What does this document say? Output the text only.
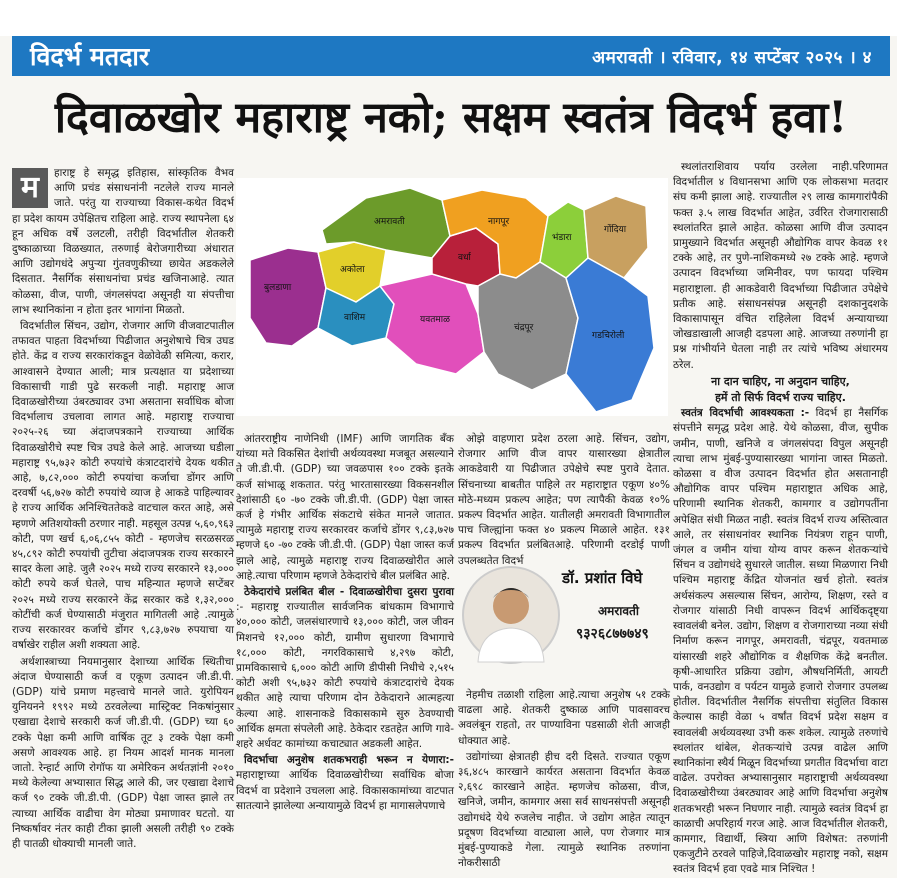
विदर्भ मतदार	अमरावती । रविवार, १४ सप्टेंबर २०२५ । ४
दिवाळखोर महाराष्ट्र नको; सक्षम स्वतंत्र विदर्भ हवा!
म	हाराष्ट्र हे समृद्ध इतिहास, सांस्कृतिक वैभव आणि प्रचंड संसाधनांनी नटलेले राज्य मानले जाते. परंतु या राज्याच्या विकास-कथेत विदर्भ हा प्रदेश कायम उपेक्षितच राहिला आहे. राज्य स्थापनेला ६४ हून अधिक वर्षे उलटली, तरीही विदर्भातील शेतकरी दुष्काळाच्या विळख्यात, तरुणाई बेरोजगारीच्या अंधारात आणि उद्योगधंदे अपुऱ्या गुंतवणुकीच्या छायेत अडकलेले दिसतात. नैसर्गिक संसाधनांचा प्रचंड खजिनाआहे. त्यात कोळसा, वीज, पाणी, जंगलसंपदा असूनही या संपत्तीचा लाभ स्थानिकांना न होता इतर भागांना मिळतो.

विदर्भातील सिंचन, उद्योग, रोजगार आणि वीजवाटपातील तफावत पाहता विदर्भाच्या पिढीजात अनुशेषाचे चित्र उघड होते. केंद्र व राज्य सरकारांकडून वेळोवेळी समित्या, करार, आश्वासने देण्यात आली; मात्र प्रत्यक्षात या प्रदेशाच्या विकासाची गाडी पुढे सरकली नाही. महाराष्ट्र आज दिवाळखोरीच्या उंबरठ्यावर उभा असताना सर्वाधिक बोजा विदर्भालाच उचलावा लागत आहे. महाराष्ट्र राज्याचा २०२५-२६ च्या अंदाजपत्रकाने राज्याच्या आर्थिक दिवाळखोरीचे स्पष्ट चित्र उघडे केले आहे. आजच्या घडीला महाराष्ट्र ९५,७३२ कोटी रुपयांचे कंत्राटदारांचे देयक थकीत आहे, ७,८२,००० कोटी रुपयांचा कर्जाचा डोंगर आणि दरवर्षी ५६,७२७ कोटी रुपयांचे व्याज हे आकडे पाहिल्यावर हे राज्य आर्थिक अनिश्चिततेकडे वाटचाल करत आहे, असे म्हणणे अतिशयोक्ती ठरणार नाही. महसूल उत्पन्न ५,६०,९६३ कोटी, पण खर्च ६,०६,८५५ कोटी - म्हणजेच सरळसरळ ४५,८९२ कोटी रुपयांची तुटीचा अंदाजपत्रक राज्य सरकारने सादर केला आहे. जुलै २०२५ मध्ये राज्य सरकारने १३,००० कोटी रुपये कर्ज घेतले, पाच महिन्यात म्हणजे सप्टेंबर २०२५ मध्ये राज्य सरकारने केंद्र सरकार कडे १,३२,००० कोटींची कर्ज घेण्यासाठी मंजुरात मागितली आहे .त्यामुळे राज्य सरकारवर कर्जाचे डोंगर ९,८३,७२७ रुपयाचा या वर्षाखेर राहील अशी शक्यता आहे.

अर्थशास्त्राच्या नियमानुसार देशाच्या आर्थिक स्थितीचा अंदाज घेण्यासाठी कर्ज व एकूण उत्पादन जी.डी.पी. (GDP) यांचे प्रमाण महत्त्वाचे मानले जाते. युरोपियन युनियनने १९९२ मध्ये ठरवलेल्या मास्ट्रिक्ट निकषांनुसार एखाद्या देशाचे सरकारी कर्ज जी.डी.पी. (GDP) च्या ६० टक्के पेक्षा कमी आणि वार्षिक तूट ३ टक्के पेक्षा कमी असणे आवश्यक आहे. हा नियम आदर्श मानक मानला जातो. रेन्हार्ट आणि रोगॉफ या अमेरिकन अर्थतज्ञांनी २०१० मध्ये केलेल्या अभ्यासात सिद्ध आले की, जर एखाद्या देशाचे कर्ज ९० टक्के जी.डी.पी. (GDP) पेक्षा जास्त झाले तर त्याच्या आर्थिक वाढीचा वेग मोठ्या प्रमाणावर घटतो. या निष्कर्षावर नंतर काही टीका झाली असली तरीही ९० टक्के ही पातळी धोक्याची मानली जाते.

बुलडाणा
अकोला
वाशिम
अमरावती
यवतमाळ
वर्धा
नागपूर
भंडारा
गोंदिया
चंद्रपूर
गडचिरोली

आंतरराष्ट्रीय नाणेनिधी (IMF) आणि जागतिक बँक यांच्या मते विकसित देशांची अर्थव्यवस्था मजबूत असल्याने ते जी.डी.पी. (GDP) च्या जवळपास १०० टक्के इतके कर्ज सांभाळू शकतात. परंतु भारतासारख्या विकसनशील देशांसाठी ६० -७० टक्के जी.डी.पी. (GDP) पेक्षा जास्त कर्ज हे गंभीर आर्थिक संकटाचे संकेत मानले जातात. त्यामुळे महाराष्ट्र राज्य सरकारवर कर्जाचे डोंगर ९,८३,७२७ म्हणजे ६० -७० टक्के जी.डी.पी. (GDP) पेक्षा जास्त कर्ज झाले आहे, त्यामुळे महाराष्ट्र राज्य दिवाळखोरीत आले आहे.त्याचा परिणाम म्हणजे ठेकेदारांचे बील प्रलंबित आहे.

ठेकेदारांचे प्रलंबित बील - दिवाळखोरीचा दुसरा पुरावा :- महाराष्ट्र राज्यातील सार्वजनिक बांधकाम विभागाचे ४०,००० कोटी, जलसंधारणाचे १३,००० कोटी, जल जीवन मिशनचे १२,००० कोटी, ग्रामीण सुधारणा विभागाचे १८,००० कोटी, नगरविकासाचे ४,२९७ कोटी, प्रामविकासाचे ६,००० कोटी आणि डीपीसी निधीचे २,५१५ कोटी अशी ९५,७३२ कोटी रुपयांचे कंत्राटदारांचे देयक थकीत आहे त्याचा परिणाम दोन ठेकेदाराने आत्महत्या केल्या आहे. शासनाकडे विकासकामे सुरु ठेवण्याची आर्थिक क्षमता संपलेली आहे. ठेकेदार रडतहेत आणि गावे-शहरे अर्धवट कामांच्या कचाट्यात अडकली आहेत.

विदर्भाचा अनुशेष शतकभराही भरून न येणारा:- महाराष्ट्राच्या आर्थिक दिवाळखोरीच्या सर्वाधिक बोजा विदर्भ वा प्रदेशाने उचलला आहे. विकासकामांच्या वाटपात सातत्याने झालेल्या अन्यायामुळे विदर्भ हा मागासलेपणाचे

ओझे वाहणारा प्रदेश ठरला आहे. सिंचन, उद्योग, रोजगार आणि वीज वापर यासारख्या क्षेत्रातील आकडेवारी या पिढीजात उपेक्षेचे स्पष्ट पुरावे देतात. सिंचनाच्या बाबतीत पाहिले तर महाराष्ट्रात एकूण ४०% मोठे-मध्यम प्रकल्प आहेत; पण त्यापैकी केवळ १०% प्रकल्प विदर्भात आहेत. यातीलही अमरावती विभागातील पाच जिल्ह्यांना फक्त ४० प्रकल्प मिळाले आहेत. १३१ प्रकल्प विदर्भात प्रलंबितआहे. परिणामी दरडोई पाणी उपलब्धतेत विदर्भ

डॉ. प्रशांत विघे
अमरावती
९३२६८७७७४९

नेहमीच तळाशी राहिला आहे.त्याचा अनुशेष ५१ टक्के वाढला आहे. शेतकरी दुष्काळ आणि पावसावरच अवलंबून राहतो, तर पाण्याविना पडसाळी शेती आजही धोक्यात आहे.

उद्योगांच्या क्षेत्रातही हीच दरी दिसते. राज्यात एकूण ३६,४८५ कारखाने कार्यरत असताना विदर्भात केवळ २,६९८ कारखाने आहेत. म्हणजेच कोळसा, वीज, खनिजे, जमीन, कामगार असा सर्व साधनसंपत्ती असूनही उद्योगधंदे येथे रुजलेच नाहीत. जे उद्योग आहेत त्यातून प्रदूषण विदर्भाच्या वाट्याला आले, पण रोजगार मात्र मुंबई-पुण्याकडे गेला. त्यामुळे स्थानिक तरुणांना नोकरीसाठी

स्थलांतराशिवाय पर्याय उरलेला नाही.परिणामत विदर्भातील ४ विधानसभा आणि एक लोकसभा मतदार संघ कमी झाला आहे. राज्यातील २९ लाख कामगारांपैकी फक्त ३.५ लाख विदर्भात आहेत, उर्वरित रोजगारासाठी स्थलांतरित झाले आहेत. कोळसा आणि वीज उत्पादन प्रामुख्याने विदर्भात असूनही औद्योगिक वापर केवळ ११ टक्के आहे, तर पुणे-नाशिकमध्ये २७ टक्के आहे. म्हणजे उत्पादन विदर्भाच्या जमिनीवर, पण फायदा पश्चिम महाराष्ट्राला. ही आकडेवारी विदर्भाच्या पिढीजात उपेक्षेचे प्रतीक आहे. संसाधनसंपन्न असूनही दशकानुदशके विकासापासून वंचित राहिलेला विदर्भ अन्यायाच्या जोखडाखाली आजही दडपला आहे. आजच्या तरुणांनी हा प्रश्न गांभीर्याने घेतला नाही तर त्यांचे भविष्य अंधारमय ठरेल.

ना दान चाहिए, ना अनुदान चाहिए,

हमें तो सिर्फ विदर्भ राज्य चाहिए.

स्वतंत्र विदर्भाची आवश्यकता :- विदर्भ हा नैसर्गिक संपत्तीने समृद्ध प्रदेश आहे. येथे कोळसा, वीज, सुपीक जमीन, पाणी, खनिजे व जंगलसंपदा विपुल असूनही त्याचा लाभ मुंबई-पुण्यासारख्या भागांना जास्त मिळतो. कोळसा व वीज उत्पादन विदर्भात होत असतानाही औद्योगिक वापर पश्चिम महाराष्ट्रात अधिक आहे, परिणामी स्थानिक शेतकरी, कामगार व उद्योगपतींना अपेक्षित संधी मिळत नाही. स्वतंत्र विदर्भ राज्य अस्तित्वात आले, तर संसाधनांवर स्थानिक नियंत्रण राहून पाणी, जंगल व जमीन यांचा योग्य वापर करून शेतकऱ्यांचे सिंचन व उद्योगधंदे सुधारले जातील. सध्या मिळणारा निधी पश्चिम महाराष्ट्र केंद्रित योजनांत खर्च होतो. स्वतंत्र अर्थसंकल्प असल्यास सिंचन, आरोग्य, शिक्षण, रस्ते व रोजगार यांसाठी निधी वापरून विदर्भ आर्थिकदृष्ट्या स्वावलंबी बनेल. उद्योग, शिक्षण व रोजगाराच्या नव्या संधी निर्माण करून नागपूर, अमरावती, चंद्रपूर, यवतमाळ यांसारखी शहरे औद्योगिक व शैक्षणिक केंद्रे बनतील. कृषी-आधारित प्रक्रिया उद्योग, औषधनिर्मिती, आयटी पार्क, वनउद्योग व पर्यटन यामुळे हजारो रोजगार उपलब्ध होतील. विदर्भातील नैसर्गिक संपत्तीचा संतुलित विकास केल्यास काही वेळा ५ वर्षांत विदर्भ प्रदेश सक्षम व स्वावलंबी अर्थव्यवस्था उभी करू शकेल. त्यामुळे तरुणांचे स्थलांतर थांबेल, शेतकऱ्यांचे उत्पन्न वाढेल आणि स्थानिकांना स्थैर्य मिळून विदर्भाच्या प्रगतीत विदर्भाचा वाटा वाढेल. उपरोक्त अभ्यासानुसार महाराष्ट्राची अर्थव्यवस्था दिवाळखोरीच्या उंबरठ्यावर आहे आणि विदर्भाचा अनुशेष शतकभरही भरून निघणार नाही. त्यामुळे स्वतंत्र विदर्भ हा काळाची अपरिहार्य गरज आहे. आज विदर्भातील शेतकरी, कामगार, विद्यार्थी, स्त्रिया आणि विशेषत: तरुणांनी एकजुटीने ठरवले पाहिजे,दिवाळखोर महाराष्ट्र नको, सक्षम स्वतंत्र विदर्भ हवा एवढे मात्र निश्चित !
